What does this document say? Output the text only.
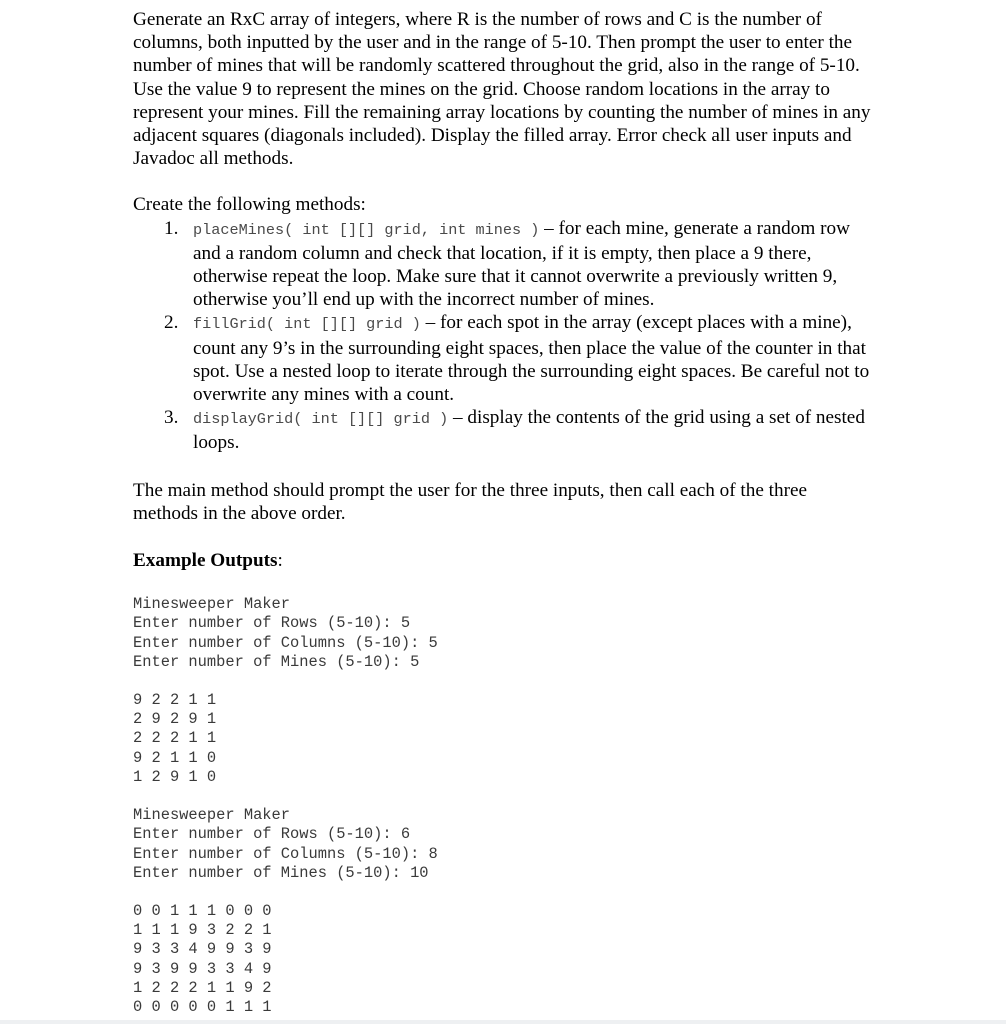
Generate an RxC array of integers, where R is the number of rows and C is the number of columns, both inputted by the user and in the range of 5-10. Then prompt the user to enter the number of mines that will be randomly scattered throughout the grid, also in the range of 5-10. Use the value 9 to represent the mines on the grid. Choose random locations in the array to represent your mines. Fill the remaining array locations by counting the number of mines in any adjacent squares (diagonals included). Display the filled array. Error check all user inputs and Javadoc all methods.

Create the following methods:

1. placeMines( int [][] grid, int mines ) – for each mine, generate a random row and a random column and check that location, if it is empty, then place a 9 there, otherwise repeat the loop. Make sure that it cannot overwrite a previously written 9, otherwise you’ll end up with the incorrect number of mines.
2. fillGrid( int [][] grid ) – for each spot in the array (except places with a mine), count any 9’s in the surrounding eight spaces, then place the value of the counter in that spot. Use a nested loop to iterate through the surrounding eight spaces. Be careful not to overwrite any mines with a count.
3. displayGrid( int [][] grid ) – display the contents of the grid using a set of nested loops.

The main method should prompt the user for the three inputs, then call each of the three methods in the above order.

Example Outputs:
Minesweeper Maker
Enter number of Rows (5-10): 5
Enter number of Columns (5-10): 5
Enter number of Mines (5-10): 5
9 2 2 1 1
2 9 2 9 1
2 2 2 1 1
9 2 1 1 0
1 2 9 1 0
Minesweeper Maker
Enter number of Rows (5-10): 6
Enter number of Columns (5-10): 8
Enter number of Mines (5-10): 10
0 0 1 1 1 0 0 0
1 1 1 9 3 2 2 1
9 3 3 4 9 9 3 9
9 3 9 9 3 3 4 9
1 2 2 2 1 1 9 2
0 0 0 0 0 1 1 1
